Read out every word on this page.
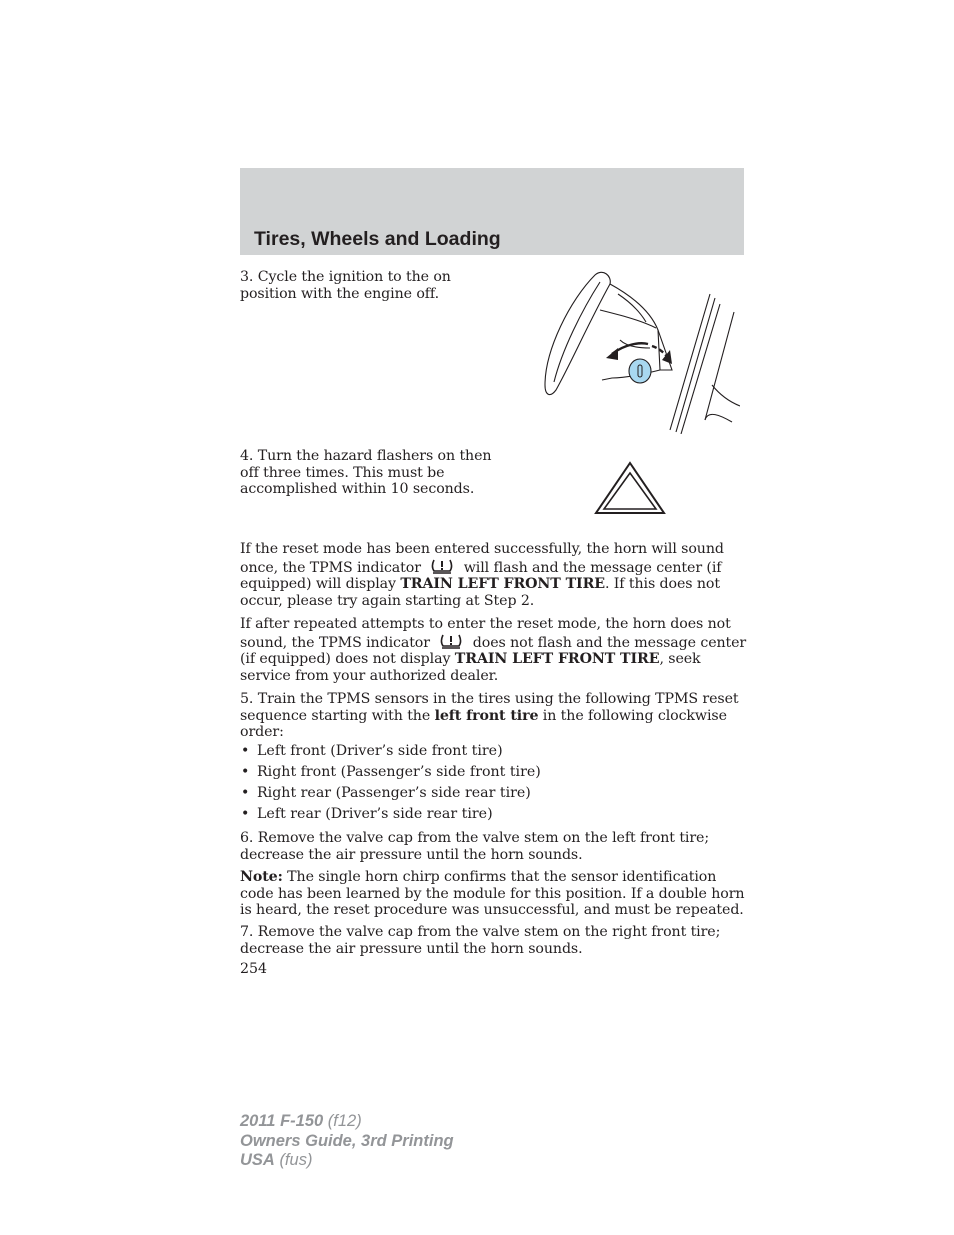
Tires, Wheels and Loading

3. Cycle the ignition to the on position with the engine off.

4. Turn the hazard flashers on then off three times. This must be accomplished within 10 seconds.

If the reset mode has been entered successfully, the horn will sound once, the TPMS indicator	will flash and the message center (if equipped) will display TRAIN LEFT FRONT TIRE. If this does not occur, please try again starting at Step 2.

If after repeated attempts to enter the reset mode, the horn does not sound, the TPMS indicator	does not flash and the message center (if equipped) does not display TRAIN LEFT FRONT TIRE, seek service from your authorized dealer.

5. Train the TPMS sensors in the tires using the following TPMS reset sequence starting with the left front tire in the following clockwise order:

• Left front (Driver’s side front tire)
• Right front (Passenger’s side front tire)
• Right rear (Passenger’s side rear tire)
• Left rear (Driver’s side rear tire)

6. Remove the valve cap from the valve stem on the left front tire; decrease the air pressure until the horn sounds.

Note: The single horn chirp confirms that the sensor identification code has been learned by the module for this position. If a double horn is heard, the reset procedure was unsuccessful, and must be repeated.

7. Remove the valve cap from the valve stem on the right front tire; decrease the air pressure until the horn sounds.

254

2011 F-150 (f12)
Owners Guide, 3rd Printing
USA (fus)
